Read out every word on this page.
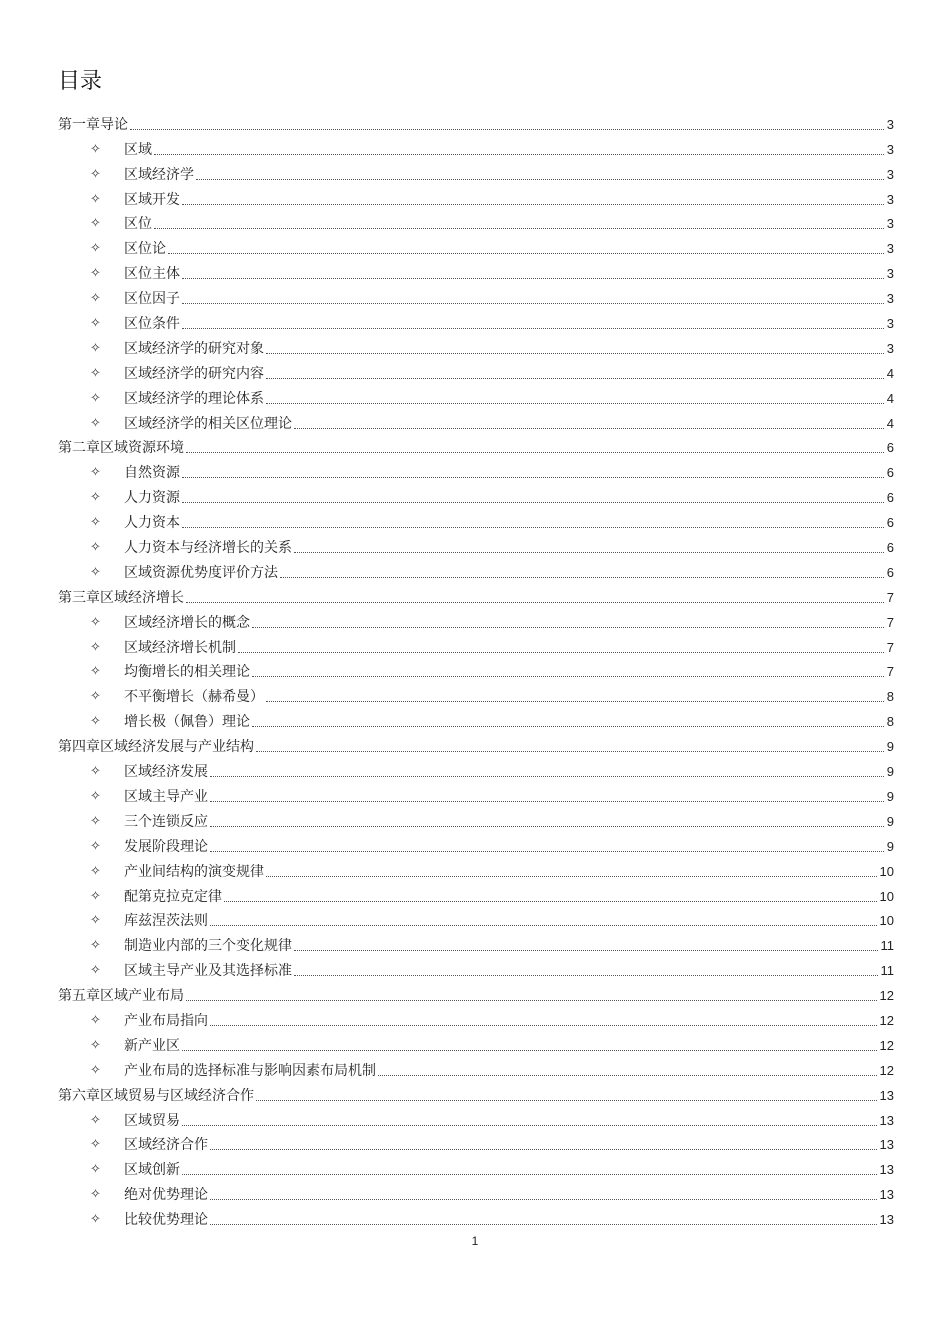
目录
第一章导论	3
✧	区域	3
✧	区域经济学	3
✧	区域开发	3
✧	区位	3
✧	区位论	3
✧	区位主体	3
✧	区位因子	3
✧	区位条件	3
✧	区域经济学的研究对象	3
✧	区域经济学的研究内容	4
✧	区域经济学的理论体系	4
✧	区域经济学的相关区位理论	4
第二章区域资源环境	6
✧	自然资源	6
✧	人力资源	6
✧	人力资本	6
✧	人力资本与经济增长的关系	6
✧	区域资源优势度评价方法	6
第三章区域经济增长	7
✧	区域经济增长的概念	7
✧	区域经济增长机制	7
✧	均衡增长的相关理论	7
✧	不平衡增长（赫希曼）	8
✧	增长极（佩鲁）理论	8
第四章区域经济发展与产业结构	9
✧	区域经济发展	9
✧	区域主导产业	9
✧	三个连锁反应	9
✧	发展阶段理论	9
✧	产业间结构的演变规律	10
✧	配第克拉克定律	10
✧	库兹涅茨法则	10
✧	制造业内部的三个变化规律	11
✧	区域主导产业及其选择标准	11
第五章区域产业布局	12
✧	产业布局指向	12
✧	新产业区	12
✧	产业布局的选择标准与影响因素布局机制	12
第六章区域贸易与区域经济合作	13
✧	区域贸易	13
✧	区域经济合作	13
✧	区域创新	13
✧	绝对优势理论	13
✧	比较优势理论	13
1
